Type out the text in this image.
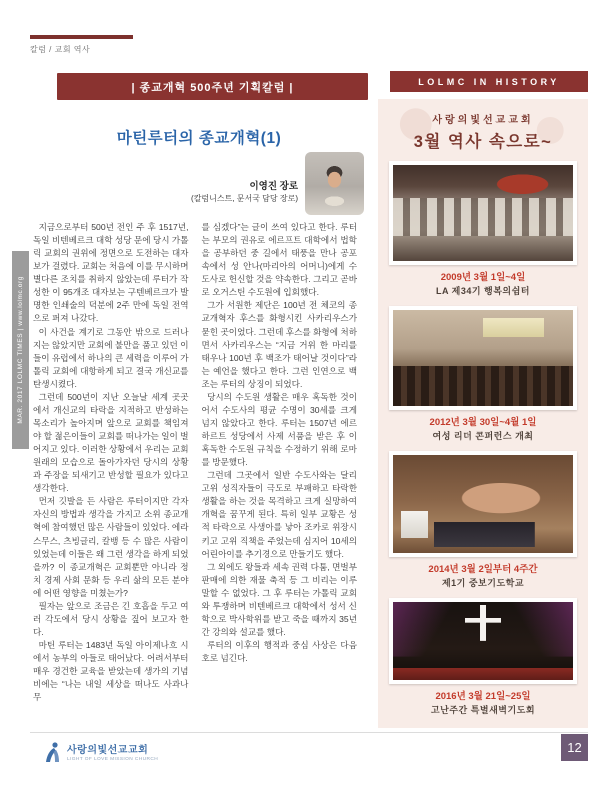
칼럼 / 교회 역사
| 종교개혁 500주년 기획칼럼 |
마틴루터의 종교개혁(1)
이영진 장로
(칼럼니스트, 문서국 담당 장로)

지금으로부터 500년 전인 주 후 1517년, 독일 비텐베르크 대학 성당 문에 당시 가톨릭 교회의 권위에 정면으로 도전하는 대자보가 걸렸다. 교회는 처음에 이를 무시하며 별다른 조치를 취하지 않았는데 루터가 작성한 이 95개조 대자보는 구텐베르크가 발명한 인쇄술의 덕분에 2주 만에 독일 전역으로 퍼져 나갔다.

이 사건을 계기로 그동안 밖으로 드러나지는 않았지만 교회에 불만을 품고 있던 이들이 유럽에서 하나의 큰 세력을 이루어 가톨릭 교회에 대항하게 되고 결국 개신교를 탄생시켰다.

그런데 500년이 지난 오늘날 세계 곳곳에서 개신교의 타락을 지적하고 반성하는 목소리가 높아지며 앞으로 교회를 책임져야 할 젊은이들이 교회를 떠나가는 일이 벌어지고 있다. 이러한 상황에서 우리는 교회 원래의 모습으로 돌아가자던 당시의 상황과 주장을 되새기고 반성할 필요가 있다고 생각한다.

먼저 깃발을 든 사람은 루터이지만 각자 자신의 방법과 생각을 가지고 소위 종교개혁에 참여했던 많은 사람들이 있었다. 에라스무스, 츠빙글리, 칼뱅 등 수 많은 사람이 있었는데 이들은 왜 그런 생각을 하게 되었을까? 이 종교개혁은 교회뿐만 아니라 정치 경제 사회 문화 등 우리 삶의 모든 분야에 어떤 영향을 미쳤는가?

필자는 앞으로 조금은 긴 호흡을 두고 여러 각도에서 당시 상황을 짚어 보고자 한다.

마틴 루터는 1483년 독일 아이제나흐 시에서 농부의 아들로 태어났다. 어려서부터 매우 경건한 교육을 받았는데 생가의 기념비에는 “나는 내일 세상을 떠나도 사과나무

를 심겠다”는 글이 쓰여 있다고 한다. 루터는 부모의 권유로 에르프트 대학에서 법학을 공부하던 중 길에서 태풍을 만나 공포 속에서 성 안나(마리아의 어머니)에게 수도사로 헌신할 것을 약속한다. 그리고 곧바로 오거스틴 수도원에 입회했다.

그가 서원한 제단은 100년 전 체코의 종교개혁자 후스를 화형시킨 사카리우스가 묻힌 곳이었다. 그런데 후스를 화형에 처하면서 사카리우스는 “지금 거위 한 마리를 태우나 100년 후 백조가 태어날 것이다”라는 예언을 했다고 한다. 그런 인연으로 백조는 루터의 상징이 되었다.

당시의 수도원 생활은 매우 혹독한 것이어서 수도사의 평균 수명이 30세를 크게 넘지 않았다고 한다. 루터는 1507년 에르하르트 성당에서 사제 서품을 받은 후 이 혹독한 수도원 규칙을 수정하기 위해 로마를 방문했다.

그런데 그곳에서 일반 수도사와는 달리 고위 성직자들이 극도로 부패하고 타락한 생활을 하는 것을 목격하고 크게 실망하여 개혁을 꿈꾸게 된다. 특히 일부 교황은 성적 타락으로 사생아를 낳아 조카로 위장시키고 고위 직책을 주었는데 심지어 10세의 어린아이를 추기경으로 만들기도 했다.

그 외에도 왕들과 세속 권력 다툼, 면벌부 판매에 의한 재물 축적 등 그 비리는 이루 말할 수 없었다. 그 후 루터는 가톨릭 교회와 투쟁하며 비텐베르크 대학에서 성서 신학으로 박사학위를 받고 죽을 때까지 35년간 강의와 설교를 했다.

루터의 이후의 행적과 중심 사상은 다음 호로 넘긴다.

MAR. 2017 LOLMC TIMES | www.lolmc.org
LOLMC IN HISTORY
사랑의빛선교교회
3월 역사 속으로~
2009년 3월 1일~4일
LA 제34기 행복의쉼터
2012년 3월 30일~4월 1일
여성 리더 콘퍼런스 개최
2014년 3월 2일부터 4주간
제1기 중보기도학교
2016년 3월 21일~25일
고난주간 특별새벽기도회
사랑의빛선교교회
LIGHT OF LOVE MISSION CHURCH
12
